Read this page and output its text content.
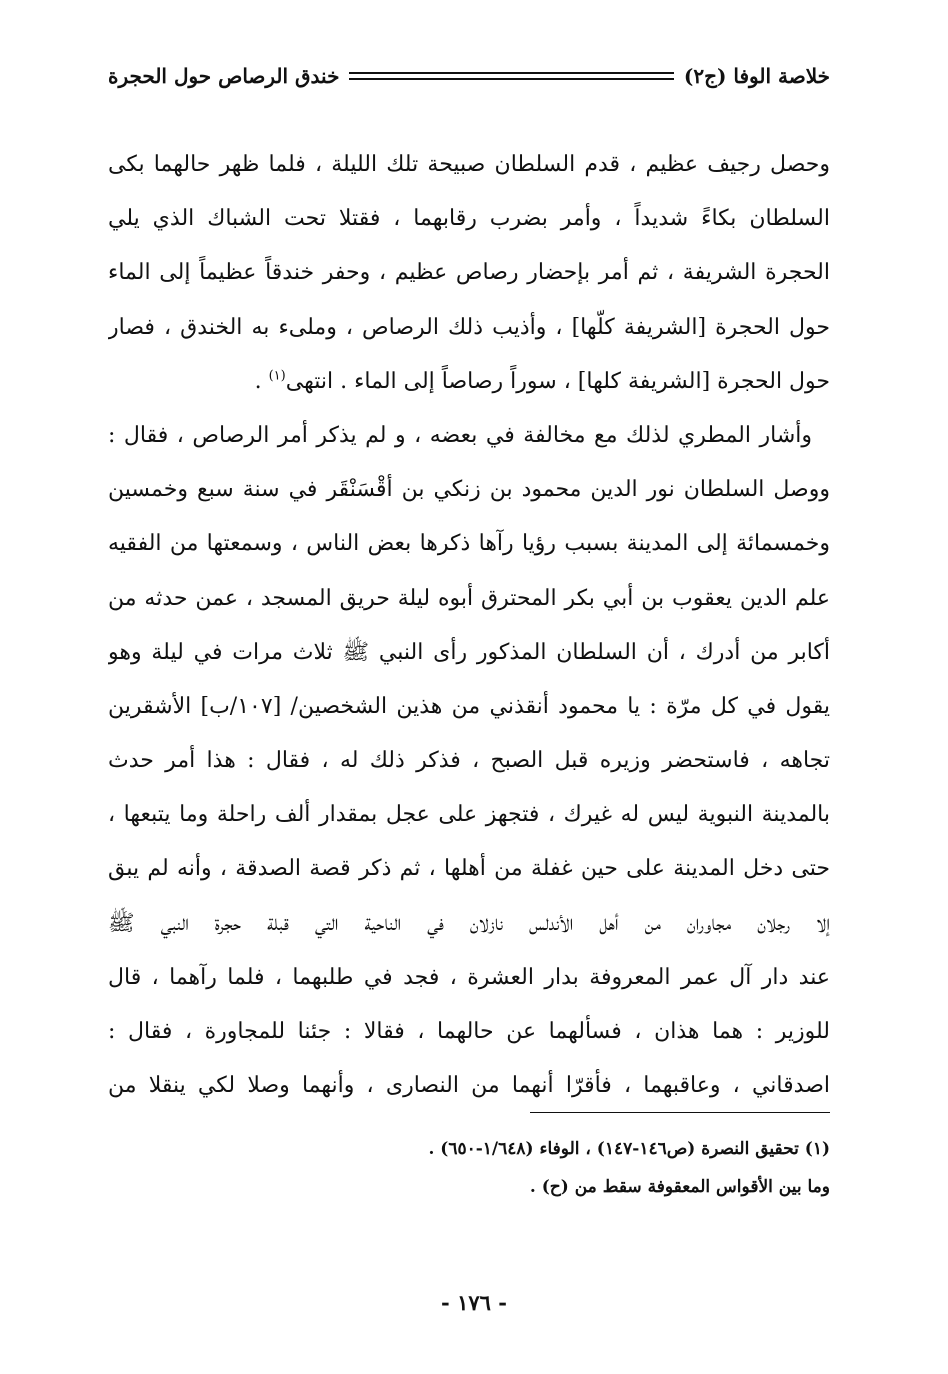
خلاصة الوفا (ج٢)
خندق الرصاص حول الحجرة
وحصل رجيف عظيم ، قدم السلطان صبيحة تلك الليلة ، فلما ظهر حالهما بكى
السلطان بكاءً شديداً ، وأمر بضرب رقابهما ، فقتلا تحت الشباك الذي يلي
الحجرة الشريفة ، ثم أمر بإحضار رصاص عظيم ، وحفر خندقاً عظيماً إلى الماء
حول الحجرة [الشريفة كلّها] ، وأذيب ذلك الرصاص ، وملىء به الخندق ، فصار
حول الحجرة [الشريفة كلها] ، سوراً رصاصاً إلى الماء . انتهى$^{(١)}$ .
وأشار المطري لذلك مع مخالفة في بعضه ، و لم يذكر أمر الرصاص ، فقال :
ووصل السلطان نور الدين محمود بن زنكي بن أقْسَنْقَر في سنة سبع وخمسين
وخمسمائة إلى المدينة بسبب رؤيا رآها ذكرها بعض الناس ، وسمعتها من الفقيه
علم الدين يعقوب بن أبي بكر المحترق أبوه ليلة حريق المسجد ، عمن حدثه من
أكابر من أدرك ، أن السلطان المذكور رأى النبي ﷺ ثلاث مرات في ليلة وهو
يقول في كل مرّة : يا محمود أنقذني من هذين الشخصين/ [١٠٧/ب] الأشقرين
تجاهه ، فاستحضر وزيره قبل الصبح ، فذكر ذلك له ، فقال : هذا أمر حدث
بالمدينة النبوية ليس له غيرك ، فتجهز على عجل بمقدار ألف راحلة وما يتبعها ،
حتى دخل المدينة على حين غفلة من أهلها ، ثم ذكر قصة الصدقة ، وأنه لم يبق
إلا رجلان مجاوران من أهل الأندلس نازلان في الناحية التي قبلة حجرة النبي ﷺ
عند دار آل عمر المعروفة بدار العشرة ، فجد في طلبهما ، فلما رآهما ، قال
للوزير : هما هذان ، فسألهما عن حالهما ، فقالا : جئنا للمجاورة ، فقال :
اصدقاني ، وعاقبهما ، فأقرّا أنهما من النصارى ، وأنهما وصلا لكي ينقلا من
(١) تحقيق النصرة (ص١٤٦-١٤٧) ، الوفاء (١/٦٤٨-٦٥٠) .
وما بين الأقواس المعقوفة سقط من (ح) .
- ١٧٦ -
